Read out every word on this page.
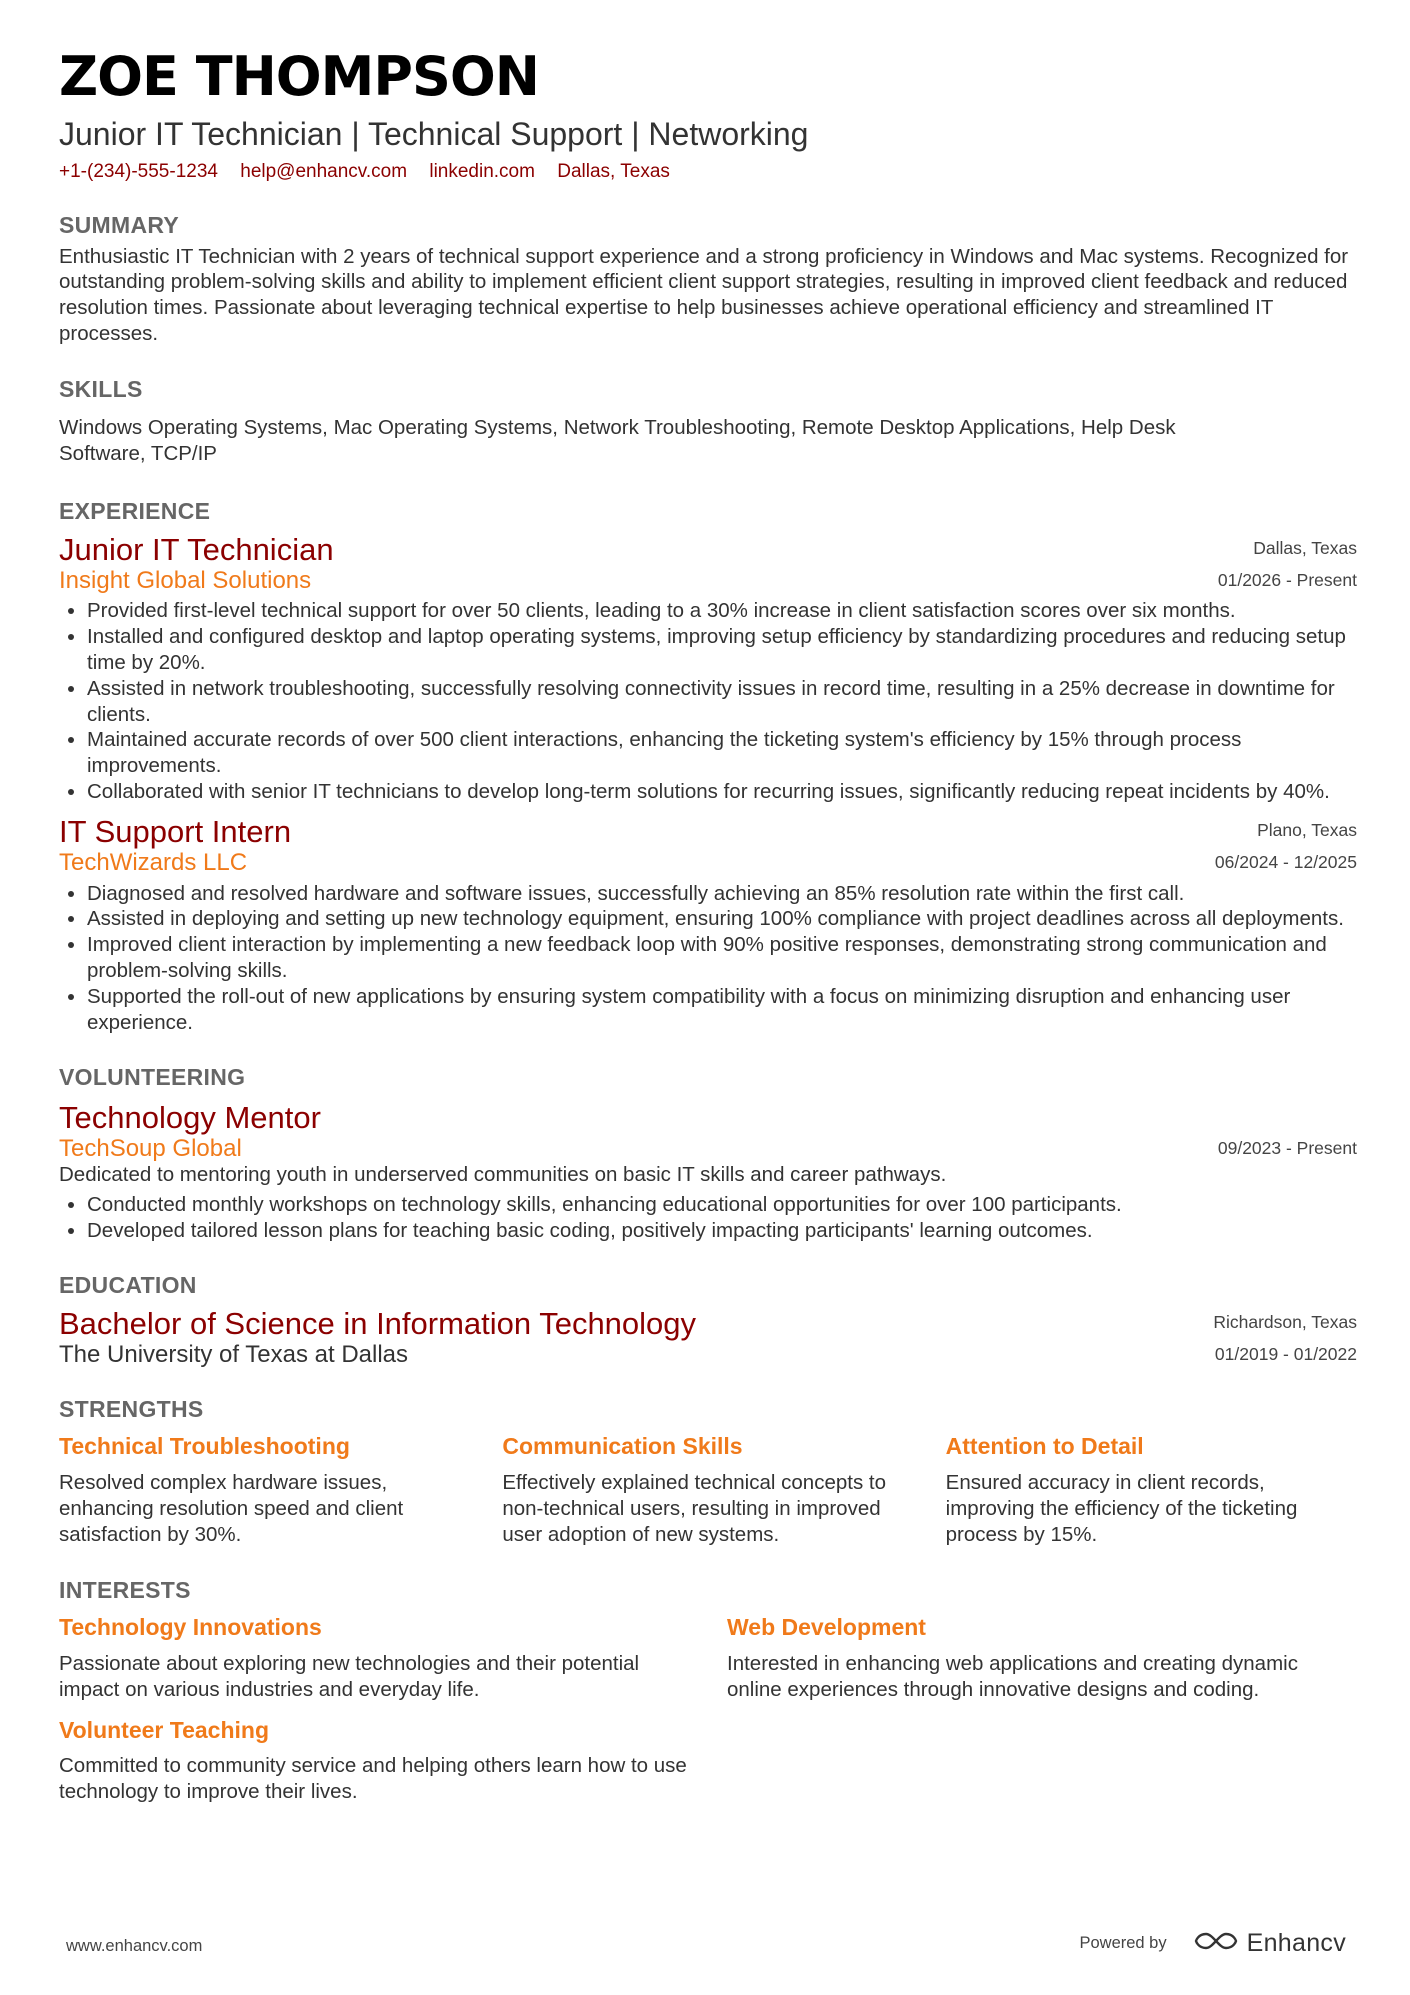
ZOE THOMPSON
Junior IT Technician | Technical Support | Networking
+1-(234)-555-1234 help@enhancv.com linkedin.com Dallas, Texas
SUMMARY
Enthusiastic IT Technician with 2 years of technical support experience and a strong proficiency in Windows and Mac systems. Recognized for outstanding problem-solving skills and ability to implement efficient client support strategies, resulting in improved client feedback and reduced resolution times. Passionate about leveraging technical expertise to help businesses achieve operational efficiency and streamlined IT processes.
SKILLS
Windows Operating Systems, Mac Operating Systems, Network Troubleshooting, Remote Desktop Applications, Help Desk Software, TCP/IP
EXPERIENCE
Junior IT Technician	Dallas, Texas
Insight Global Solutions	01/2026 - Present
• Provided first-level technical support for over 50 clients, leading to a 30% increase in client satisfaction scores over six months.
• Installed and configured desktop and laptop operating systems, improving setup efficiency by standardizing procedures and reducing setup time by 20%.
• Assisted in network troubleshooting, successfully resolving connectivity issues in record time, resulting in a 25% decrease in downtime for clients.
• Maintained accurate records of over 500 client interactions, enhancing the ticketing system's efficiency by 15% through process improvements.
• Collaborated with senior IT technicians to develop long-term solutions for recurring issues, significantly reducing repeat incidents by 40%.
IT Support Intern	Plano, Texas
TechWizards LLC	06/2024 - 12/2025
• Diagnosed and resolved hardware and software issues, successfully achieving an 85% resolution rate within the first call.
• Assisted in deploying and setting up new technology equipment, ensuring 100% compliance with project deadlines across all deployments.
• Improved client interaction by implementing a new feedback loop with 90% positive responses, demonstrating strong communication and problem-solving skills.
• Supported the roll-out of new applications by ensuring system compatibility with a focus on minimizing disruption and enhancing user experience.
VOLUNTEERING
Technology Mentor
TechSoup Global	09/2023 - Present
Dedicated to mentoring youth in underserved communities on basic IT skills and career pathways.
• Conducted monthly workshops on technology skills, enhancing educational opportunities for over 100 participants.
• Developed tailored lesson plans for teaching basic coding, positively impacting participants' learning outcomes.
EDUCATION
Bachelor of Science in Information Technology	Richardson, Texas
The University of Texas at Dallas	01/2019 - 01/2022
STRENGTHS
Technical Troubleshooting
Resolved complex hardware issues, enhancing resolution speed and client satisfaction by 30%.
Communication Skills
Effectively explained technical concepts to non-technical users, resulting in improved user adoption of new systems.
Attention to Detail
Ensured accuracy in client records, improving the efficiency of the ticketing process by 15%.
INTERESTS
Technology Innovations
Passionate about exploring new technologies and their potential impact on various industries and everyday life.
Web Development
Interested in enhancing web applications and creating dynamic online experiences through innovative designs and coding.
Volunteer Teaching
Committed to community service and helping others learn how to use technology to improve their lives.
www.enhancv.com	Powered by	Enhancv
